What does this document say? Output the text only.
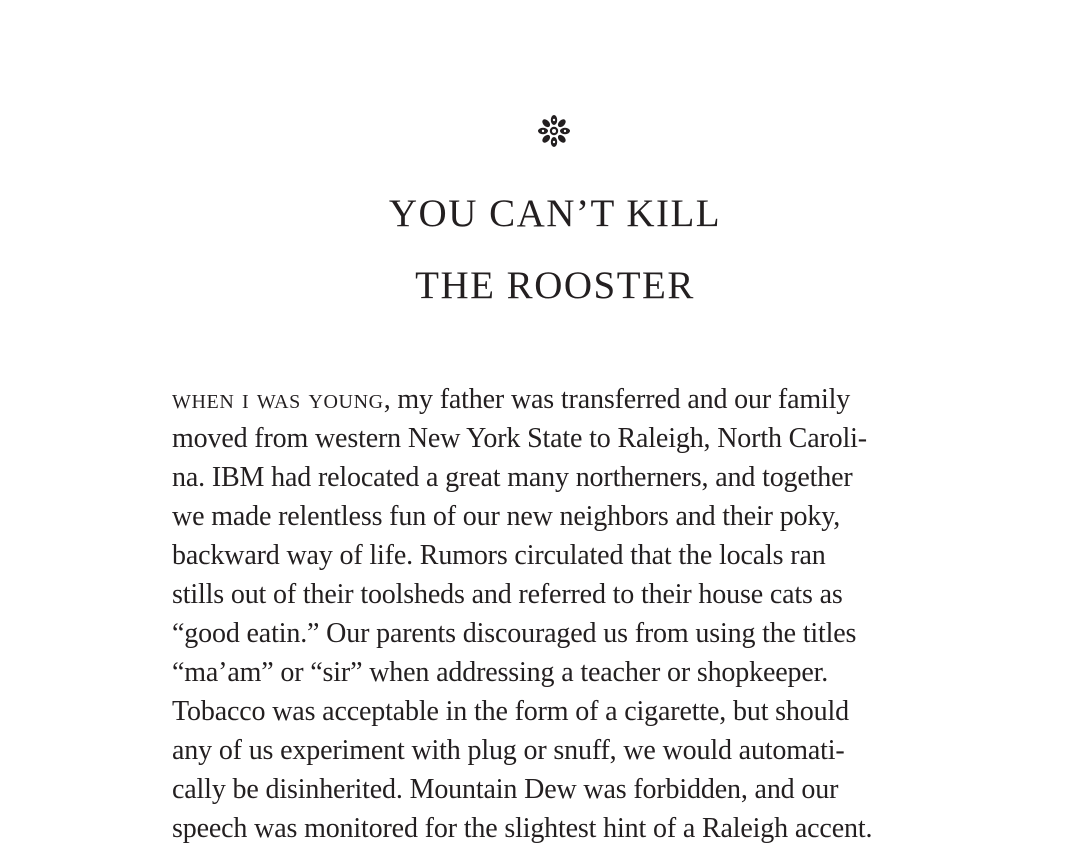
YOU CAN’T KILL
THE ROOSTER
when i was young, my father was transferred and our family
moved from western New York State to Raleigh, North Caroli-
na. IBM had relocated a great many northerners, and together
we made relentless fun of our new neighbors and their poky,
backward way of life. Rumors circulated that the locals ran
stills out of their toolsheds and referred to their house cats as
“good eatin.” Our parents discouraged us from using the titles
“ma’am” or “sir” when addressing a teacher or shopkeeper.
Tobacco was acceptable in the form of a cigarette, but should
any of us experiment with plug or snuff, we would automati-
cally be disinherited. Mountain Dew was forbidden, and our
speech was monitored for the slightest hint of a Raleigh accent.
